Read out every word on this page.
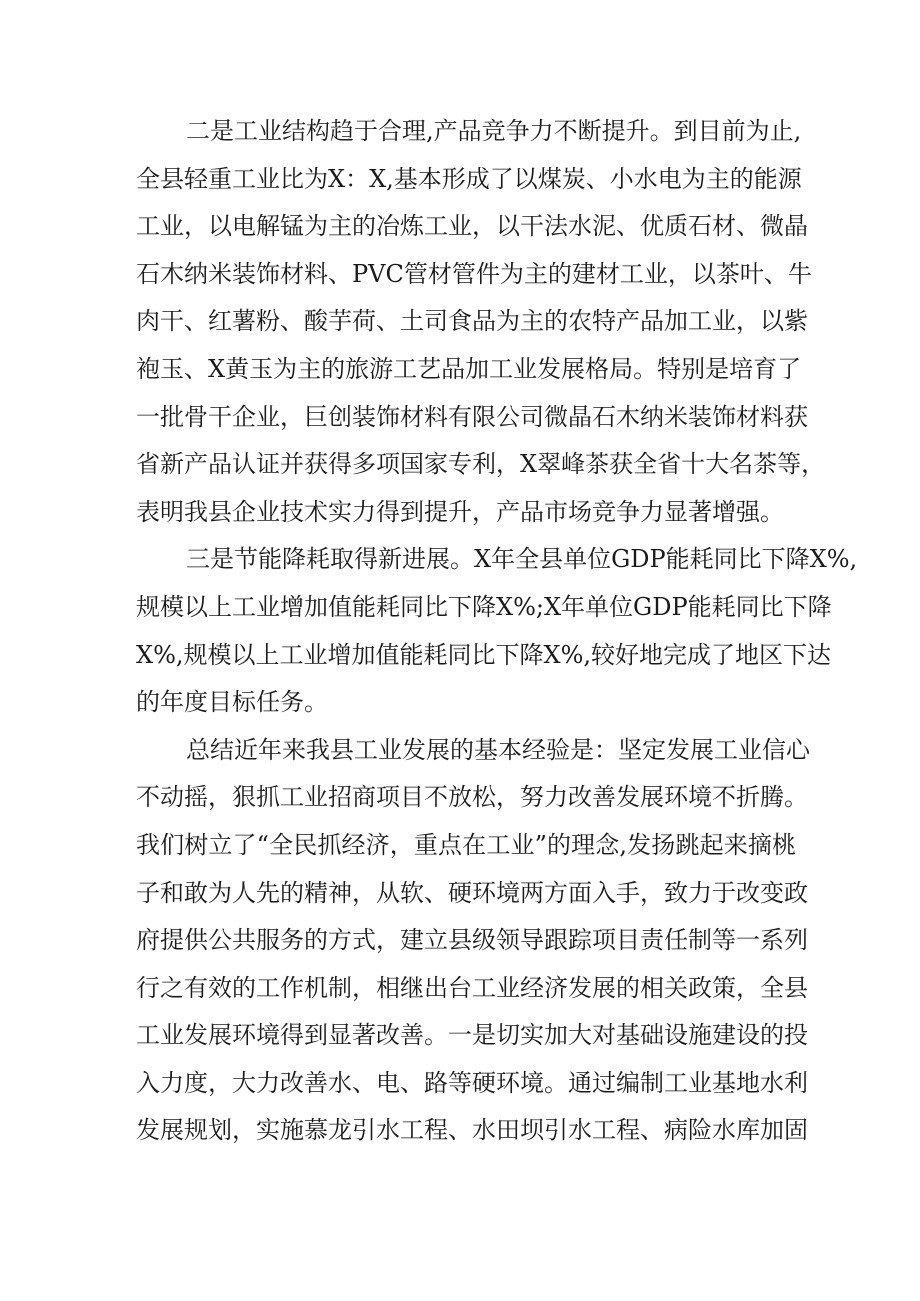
二是工业结构趋于合理,产品竞争力不断提升。到目前为止,
全县轻重工业比为X：X,基本形成了以煤炭、小水电为主的能源
工业，以电解锰为主的冶炼工业，以干法水泥、优质石材、微晶
石木纳米装饰材料、PVC管材管件为主的建材工业，以茶叶、牛
肉干、红薯粉、酸芋荷、土司食品为主的农特产品加工业，以紫
袍玉、X黄玉为主的旅游工艺品加工业发展格局。特别是培育了
一批骨干企业，巨创装饰材料有限公司微晶石木纳米装饰材料获
省新产品认证并获得多项国家专利，X翠峰茶获全省十大名茶等，
表明我县企业技术实力得到提升，产品市场竞争力显著增强。
三是节能降耗取得新进展。X年全县单位GDP能耗同比下降X%,
规模以上工业增加值能耗同比下降X%;X年单位GDP能耗同比下降
X%,规模以上工业增加值能耗同比下降X%,较好地完成了地区下达
的年度目标任务。
总结近年来我县工业发展的基本经验是：坚定发展工业信心
不动摇，狠抓工业招商项目不放松，努力改善发展环境不折腾。
我们树立了“全民抓经济，重点在工业”的理念,发扬跳起来摘桃
子和敢为人先的精神，从软、硬环境两方面入手，致力于改变政
府提供公共服务的方式，建立县级领导跟踪项目责任制等一系列
行之有效的工作机制，相继出台工业经济发展的相关政策，全县
工业发展环境得到显著改善。一是切实加大对基础设施建设的投
入力度，大力改善水、电、路等硬环境。通过编制工业基地水利
发展规划，实施慕龙引水工程、水田坝引水工程、病险水库加固
